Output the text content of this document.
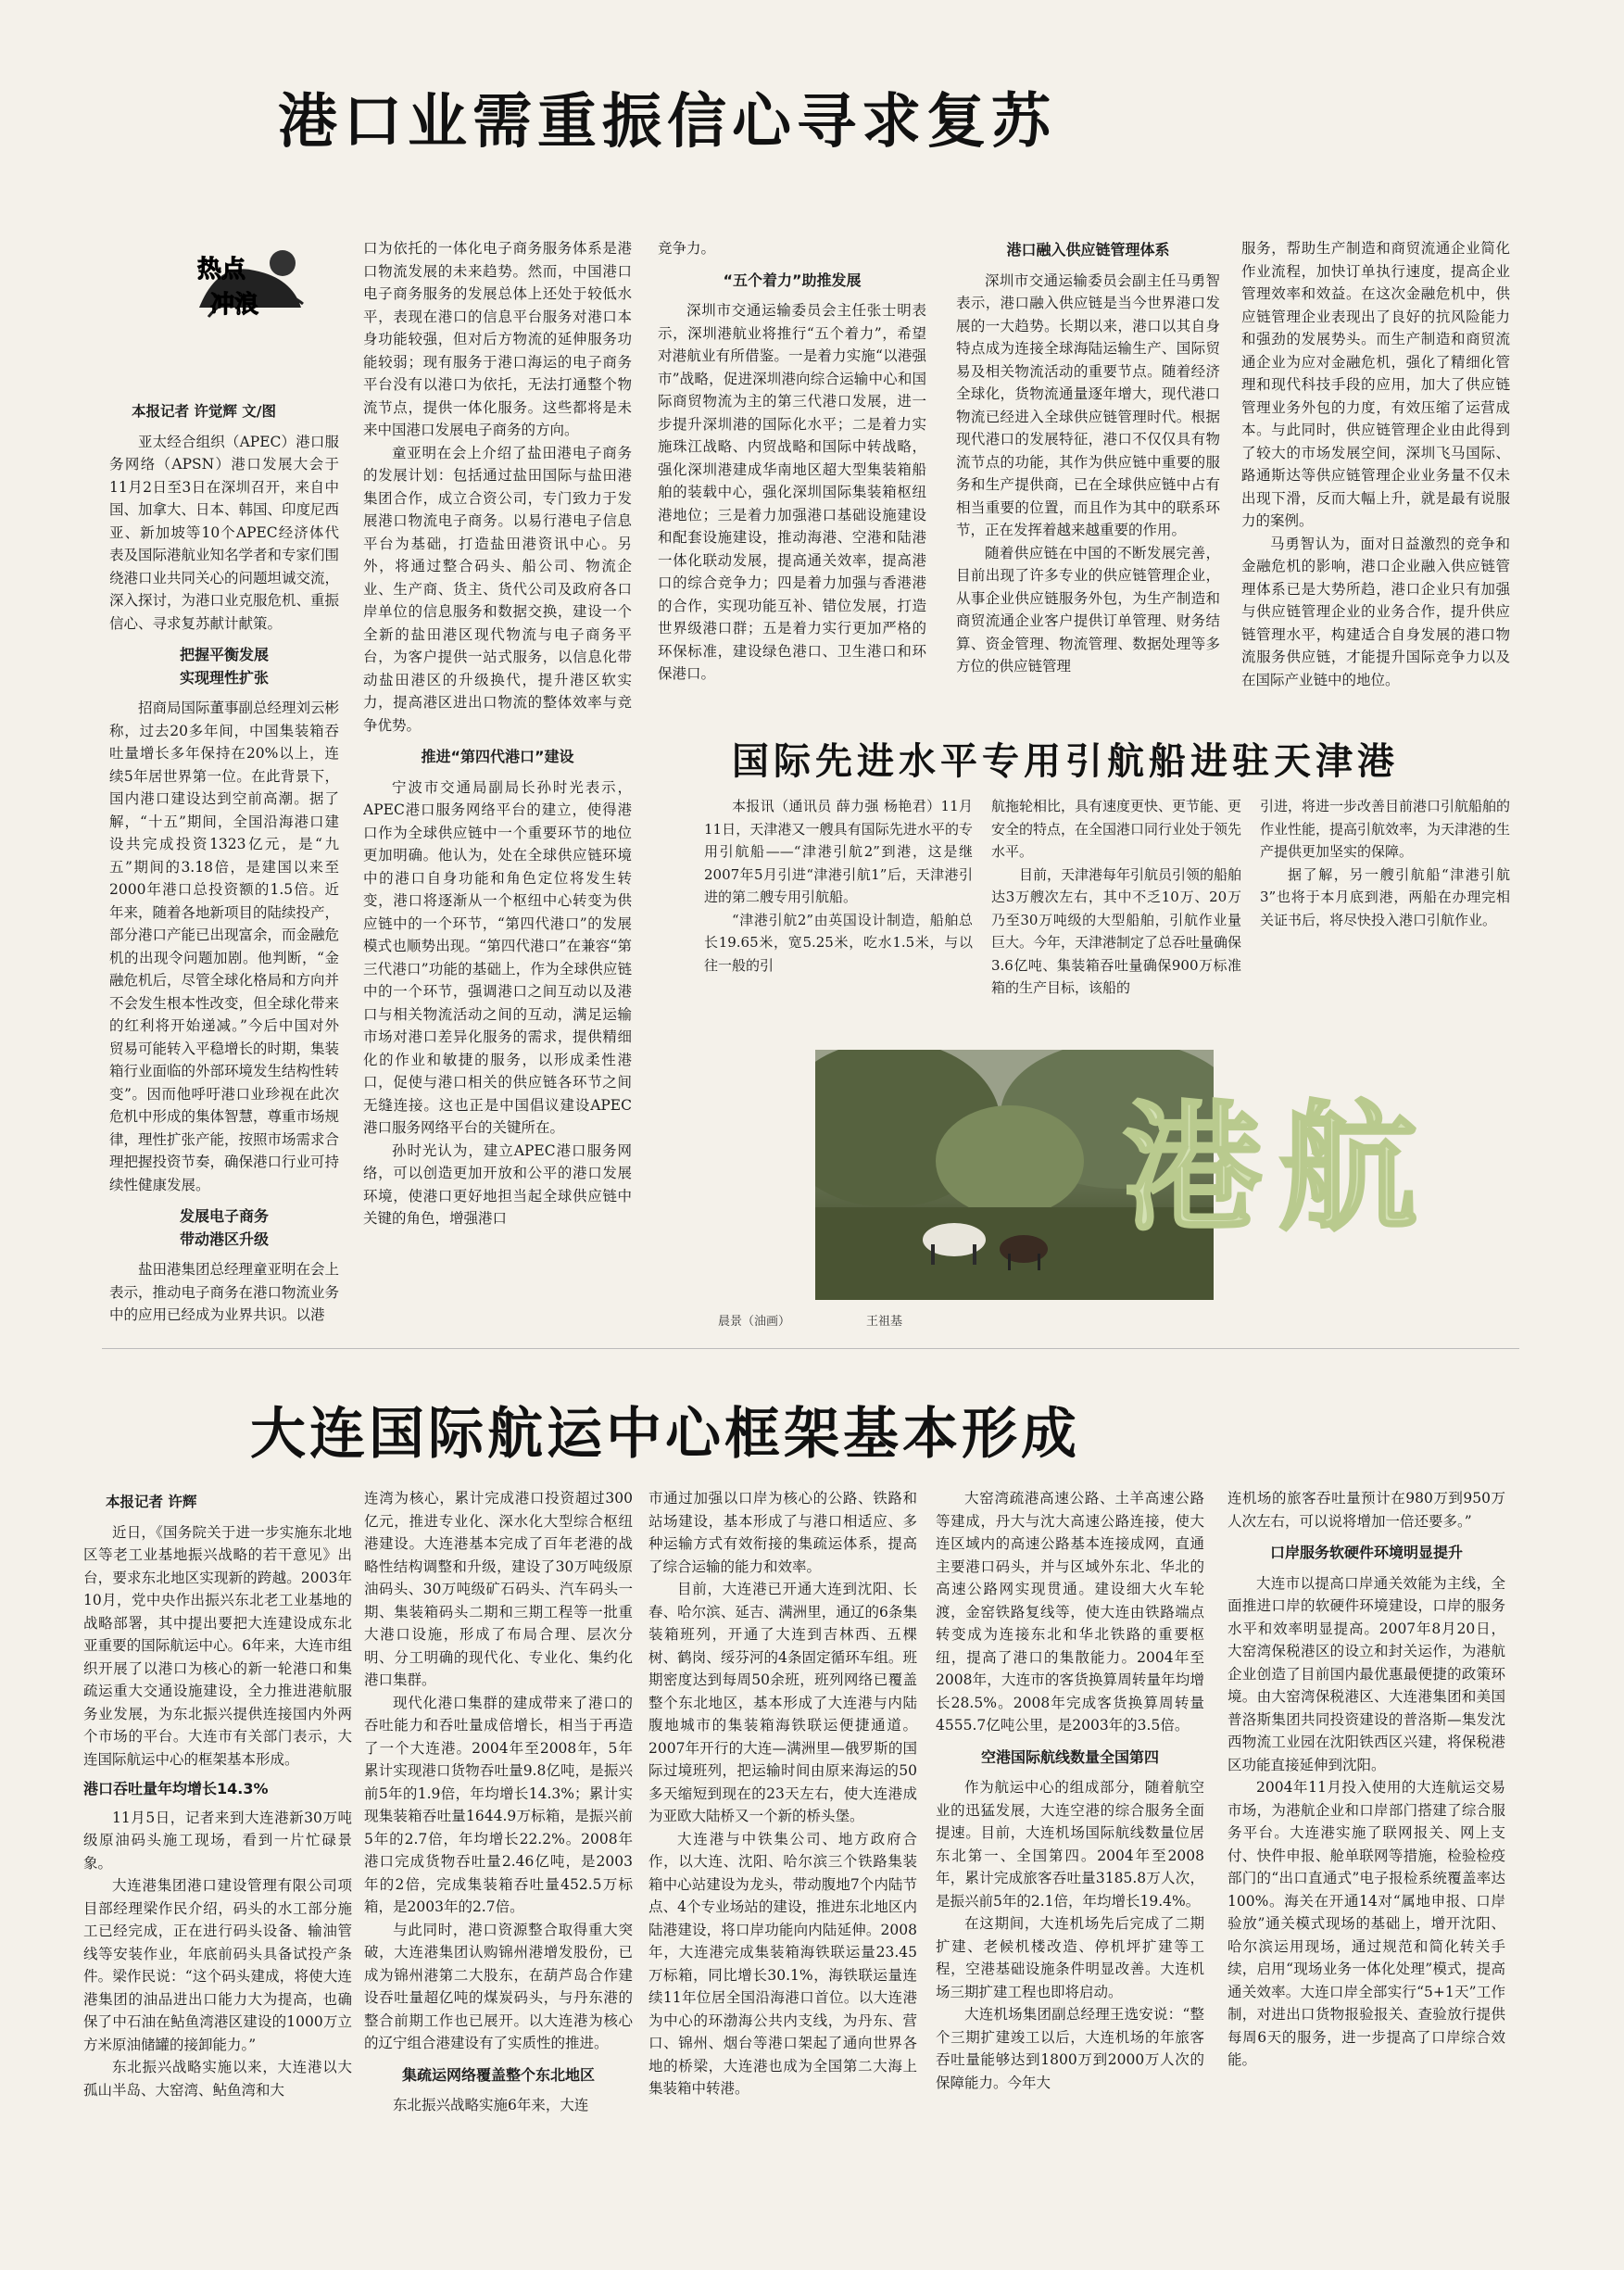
港口业需重振信心寻求复苏
热点
冲浪

本报记者 许觉辉 文/图

亚太经合组织（APEC）港口服务网络（APSN）港口发展大会于11月2日至3日在深圳召开，来自中国、加拿大、日本、韩国、印度尼西亚、新加坡等10个APEC经济体代表及国际港航业知名学者和专家们围绕港口业共同关心的问题坦诚交流，深入探讨，为港口业克服危机、重振信心、寻求复苏献计献策。

把握平衡发展
实现理性扩张

招商局国际董事副总经理刘云彬称，过去20多年间，中国集装箱吞吐量增长多年保持在20%以上，连续5年居世界第一位。在此背景下，国内港口建设达到空前高潮。据了解，“十五”期间，全国沿海港口建设共完成投资1323亿元，是“九五”期间的3.18倍，是建国以来至2000年港口总投资额的1.5倍。近年来，随着各地新项目的陆续投产，部分港口产能已出现富余，而金融危机的出现令问题加剧。他判断，“金融危机后，尽管全球化格局和方向并不会发生根本性改变，但全球化带来的红利将开始递减。”今后中国对外贸易可能转入平稳增长的时期，集装箱行业面临的外部环境发生结构性转变”。因而他呼吁港口业珍视在此次危机中形成的集体智慧，尊重市场规律，理性扩张产能，按照市场需求合理把握投资节奏，确保港口行业可持续性健康发展。

发展电子商务
带动港区升级

盐田港集团总经理童亚明在会上表示，推动电子商务在港口物流业务中的应用已经成为业界共识。以港

口为依托的一体化电子商务服务体系是港口物流发展的未来趋势。然而，中国港口电子商务服务的发展总体上还处于较低水平，表现在港口的信息平台服务对港口本身功能较强，但对后方物流的延伸服务功能较弱；现有服务于港口海运的电子商务平台没有以港口为依托，无法打通整个物流节点，提供一体化服务。这些都将是未来中国港口发展电子商务的方向。

童亚明在会上介绍了盐田港电子商务的发展计划：包括通过盐田国际与盐田港集团合作，成立合资公司，专门致力于发展港口物流电子商务。以易行港电子信息平台为基础，打造盐田港资讯中心。另外，将通过整合码头、船公司、物流企业、生产商、货主、货代公司及政府各口岸单位的信息服务和数据交换，建设一个全新的盐田港区现代物流与电子商务平台，为客户提供一站式服务，以信息化带动盐田港区的升级换代，提升港区软实力，提高港区进出口物流的整体效率与竞争优势。

推进“第四代港口”建设

宁波市交通局副局长孙时光表示，APEC港口服务网络平台的建立，使得港口作为全球供应链中一个重要环节的地位更加明确。他认为，处在全球供应链环境中的港口自身功能和角色定位将发生转变，港口将逐渐从一个枢纽中心转变为供应链中的一个环节，“第四代港口”的发展模式也顺势出现。“第四代港口”在兼容“第三代港口”功能的基础上，作为全球供应链中的一个环节，强调港口之间互动以及港口与相关物流活动之间的互动，满足运输市场对港口差异化服务的需求，提供精细化的作业和敏捷的服务，以形成柔性港口，促使与港口相关的供应链各环节之间无缝连接。这也正是中国倡议建设APEC港口服务网络平台的关键所在。

孙时光认为，建立APEC港口服务网络，可以创造更加开放和公平的港口发展环境，使港口更好地担当起全球供应链中关键的角色，增强港口

竞争力。

“五个着力”助推发展

深圳市交通运输委员会主任张士明表示，深圳港航业将推行“五个着力”，希望对港航业有所借鉴。一是着力实施“以港强市”战略，促进深圳港向综合运输中心和国际商贸物流为主的第三代港口发展，进一步提升深圳港的国际化水平；二是着力实施珠江战略、内贸战略和国际中转战略，强化深圳港建成华南地区超大型集装箱船舶的装载中心，强化深圳国际集装箱枢纽港地位；三是着力加强港口基础设施建设和配套设施建设，推动海港、空港和陆港一体化联动发展，提高通关效率，提高港口的综合竞争力；四是着力加强与香港港的合作，实现功能互补、错位发展，打造世界级港口群；五是着力实行更加严格的环保标准，建设绿色港口、卫生港口和环保港口。

港口融入供应链管理体系

深圳市交通运输委员会副主任马勇智表示，港口融入供应链是当今世界港口发展的一大趋势。长期以来，港口以其自身特点成为连接全球海陆运输生产、国际贸易及相关物流活动的重要节点。随着经济全球化，货物流通量逐年增大，现代港口物流已经进入全球供应链管理时代。根据现代港口的发展特征，港口不仅仅具有物流节点的功能，其作为供应链中重要的服务和生产提供商，已在全球供应链中占有相当重要的位置，而且作为其中的联系环节，正在发挥着越来越重要的作用。

随着供应链在中国的不断发展完善，目前出现了许多专业的供应链管理企业，从事企业供应链服务外包，为生产制造和商贸流通企业客户提供订单管理、财务结算、资金管理、物流管理、数据处理等多方位的供应链管理

服务，帮助生产制造和商贸流通企业简化作业流程，加快订单执行速度，提高企业管理效率和效益。在这次金融危机中，供应链管理企业表现出了良好的抗风险能力和强劲的发展势头。而生产制造和商贸流通企业为应对金融危机，强化了精细化管理和现代科技手段的应用，加大了供应链管理业务外包的力度，有效压缩了运营成本。与此同时，供应链管理企业由此得到了较大的市场发展空间，深圳飞马国际、路通斯达等供应链管理企业业务量不仅未出现下滑，反而大幅上升，就是最有说服力的案例。

马勇智认为，面对日益激烈的竞争和金融危机的影响，港口企业融入供应链管理体系已是大势所趋，港口企业只有加强与供应链管理企业的业务合作，提升供应链管理水平，构建适合自身发展的港口物流服务供应链，才能提升国际竞争力以及在国际产业链中的地位。

国际先进水平专用引航船进驻天津港

本报讯（通讯员 薛力强 杨艳君）11月11日，天津港又一艘具有国际先进水平的专用引航船——“津港引航2”到港，这是继2007年5月引进“津港引航1”后，天津港引进的第二艘专用引航船。

“津港引航2”由英国设计制造，船舶总长19.65米，宽5.25米，吃水1.5米，与以往一般的引

航拖轮相比，具有速度更快、更节能、更安全的特点，在全国港口同行业处于领先水平。

目前，天津港每年引航员引领的船舶达3万艘次左右，其中不乏10万、20万乃至30万吨级的大型船舶，引航作业量巨大。今年，天津港制定了总吞吐量确保3.6亿吨、集装箱吞吐量确保900万标准箱的生产目标，该船的

引进，将进一步改善目前港口引航船舶的作业性能，提高引航效率，为天津港的生产提供更加坚实的保障。

据了解，另一艘引航船“津港引航3”也将于本月底到港，两船在办理完相关证书后，将尽快投入港口引航作业。

晨景（油画）	王祖基
港航
大连国际航运中心框架基本形成

本报记者 许辉

近日，《国务院关于进一步实施东北地区等老工业基地振兴战略的若干意见》出台，要求东北地区实现新的跨越。2003年10月，党中央作出振兴东北老工业基地的战略部署，其中提出要把大连建设成东北亚重要的国际航运中心。6年来，大连市组织开展了以港口为核心的新一轮港口和集疏运重大交通设施建设，全力推进港航服务业发展，为东北振兴提供连接国内外两个市场的平台。大连市有关部门表示，大连国际航运中心的框架基本形成。

港口吞吐量年均增长14.3%

11月5日，记者来到大连港新30万吨级原油码头施工现场，看到一片忙碌景象。

大连港集团港口建设管理有限公司项目部经理梁作民介绍，码头的水工部分施工已经完成，正在进行码头设备、输油管线等安装作业，年底前码头具备试投产条件。梁作民说：“这个码头建成，将使大连港集团的油品进出口能力大为提高，也确保了中石油在鲇鱼湾港区建设的1000万立方米原油储罐的接卸能力。”

东北振兴战略实施以来，大连港以大孤山半岛、大窑湾、鲇鱼湾和大

连湾为核心，累计完成港口投资超过300亿元，推进专业化、深水化大型综合枢纽港建设。大连港基本完成了百年老港的战略性结构调整和升级，建设了30万吨级原油码头、30万吨级矿石码头、汽车码头一期、集装箱码头二期和三期工程等一批重大港口设施，形成了布局合理、层次分明、分工明确的现代化、专业化、集约化港口集群。

现代化港口集群的建成带来了港口的吞吐能力和吞吐量成倍增长，相当于再造了一个大连港。2004年至2008年，5年累计实现港口货物吞吐量9.8亿吨，是振兴前5年的1.9倍，年均增长14.3%；累计实现集装箱吞吐量1644.9万标箱，是振兴前5年的2.7倍，年均增长22.2%。2008年港口完成货物吞吐量2.46亿吨，是2003年的2倍，完成集装箱吞吐量452.5万标箱，是2003年的2.7倍。

与此同时，港口资源整合取得重大突破，大连港集团认购锦州港增发股份，已成为锦州港第二大股东，在葫芦岛合作建设吞吐量超亿吨的煤炭码头，与丹东港的整合前期工作也已展开。以大连港为核心的辽宁组合港建设有了实质性的推进。

集疏运网络覆盖整个东北地区

东北振兴战略实施6年来，大连

市通过加强以口岸为核心的公路、铁路和站场建设，基本形成了与港口相适应、多种运输方式有效衔接的集疏运体系，提高了综合运输的能力和效率。

目前，大连港已开通大连到沈阳、长春、哈尔滨、延吉、满洲里，通辽的6条集装箱班列，开通了大连到吉林西、五棵树、鹤岗、绥芬河的4条固定循环车组。班期密度达到每周50余班，班列网络已覆盖整个东北地区，基本形成了大连港与内陆腹地城市的集装箱海铁联运便捷通道。2007年开行的大连—满洲里—俄罗斯的国际过境班列，把运输时间由原来海运的50多天缩短到现在的23天左右，使大连港成为亚欧大陆桥又一个新的桥头堡。

大连港与中铁集公司、地方政府合作，以大连、沈阳、哈尔滨三个铁路集装箱中心站建设为龙头，带动腹地7个内陆节点、4个专业场站的建设，推进东北地区内陆港建设，将口岸功能向内陆延伸。2008年，大连港完成集装箱海铁联运量23.45万标箱，同比增长30.1%，海铁联运量连续11年位居全国沿海港口首位。以大连港为中心的环渤海公共内支线，为丹东、营口、锦州、烟台等港口架起了通向世界各地的桥梁，大连港也成为全国第二大海上集装箱中转港。

大窑湾疏港高速公路、土羊高速公路等建成，丹大与沈大高速公路连接，使大连区域内的高速公路基本连接成网，直通主要港口码头，并与区域外东北、华北的高速公路网实现贯通。建设细大火车轮渡，金窑铁路复线等，使大连由铁路端点转变成为连接东北和华北铁路的重要枢纽，提高了港口的集散能力。2004年至2008年，大连市的客货换算周转量年均增长28.5%。2008年完成客货换算周转量4555.7亿吨公里，是2003年的3.5倍。

空港国际航线数量全国第四

作为航运中心的组成部分，随着航空业的迅猛发展，大连空港的综合服务全面提速。目前，大连机场国际航线数量位居东北第一、全国第四。2004年至2008年，累计完成旅客吞吐量3185.8万人次，是振兴前5年的2.1倍，年均增长19.4%。

在这期间，大连机场先后完成了二期扩建、老候机楼改造、停机坪扩建等工程，空港基础设施条件明显改善。大连机场三期扩建工程也即将启动。

大连机场集团副总经理王选安说：“整个三期扩建竣工以后，大连机场的年旅客吞吐量能够达到1800万到2000万人次的保障能力。今年大

连机场的旅客吞吐量预计在980万到950万人次左右，可以说将增加一倍还要多。”

口岸服务软硬件环境明显提升

大连市以提高口岸通关效能为主线，全面推进口岸的软硬件环境建设，口岸的服务水平和效率明显提高。2007年8月20日，大窑湾保税港区的设立和封关运作，为港航企业创造了目前国内最优惠最便捷的政策环境。由大窑湾保税港区、大连港集团和美国普洛斯集团共同投资建设的普洛斯—集发沈西物流工业园在沈阳铁西区兴建，将保税港区功能直接延伸到沈阳。

2004年11月投入使用的大连航运交易市场，为港航企业和口岸部门搭建了综合服务平台。大连港实施了联网报关、网上支付、快件申报、舱单联网等措施，检验检疫部门的“出口直通式”电子报检系统覆盖率达100%。海关在开通14对“属地申报、口岸验放”通关模式现场的基础上，增开沈阳、哈尔滨运用现场，通过规范和简化转关手续，启用“现场业务一体化处理”模式，提高通关效率。大连口岸全部实行“5+1天”工作制，对进出口货物报验报关、查验放行提供每周6天的服务，进一步提高了口岸综合效能。
